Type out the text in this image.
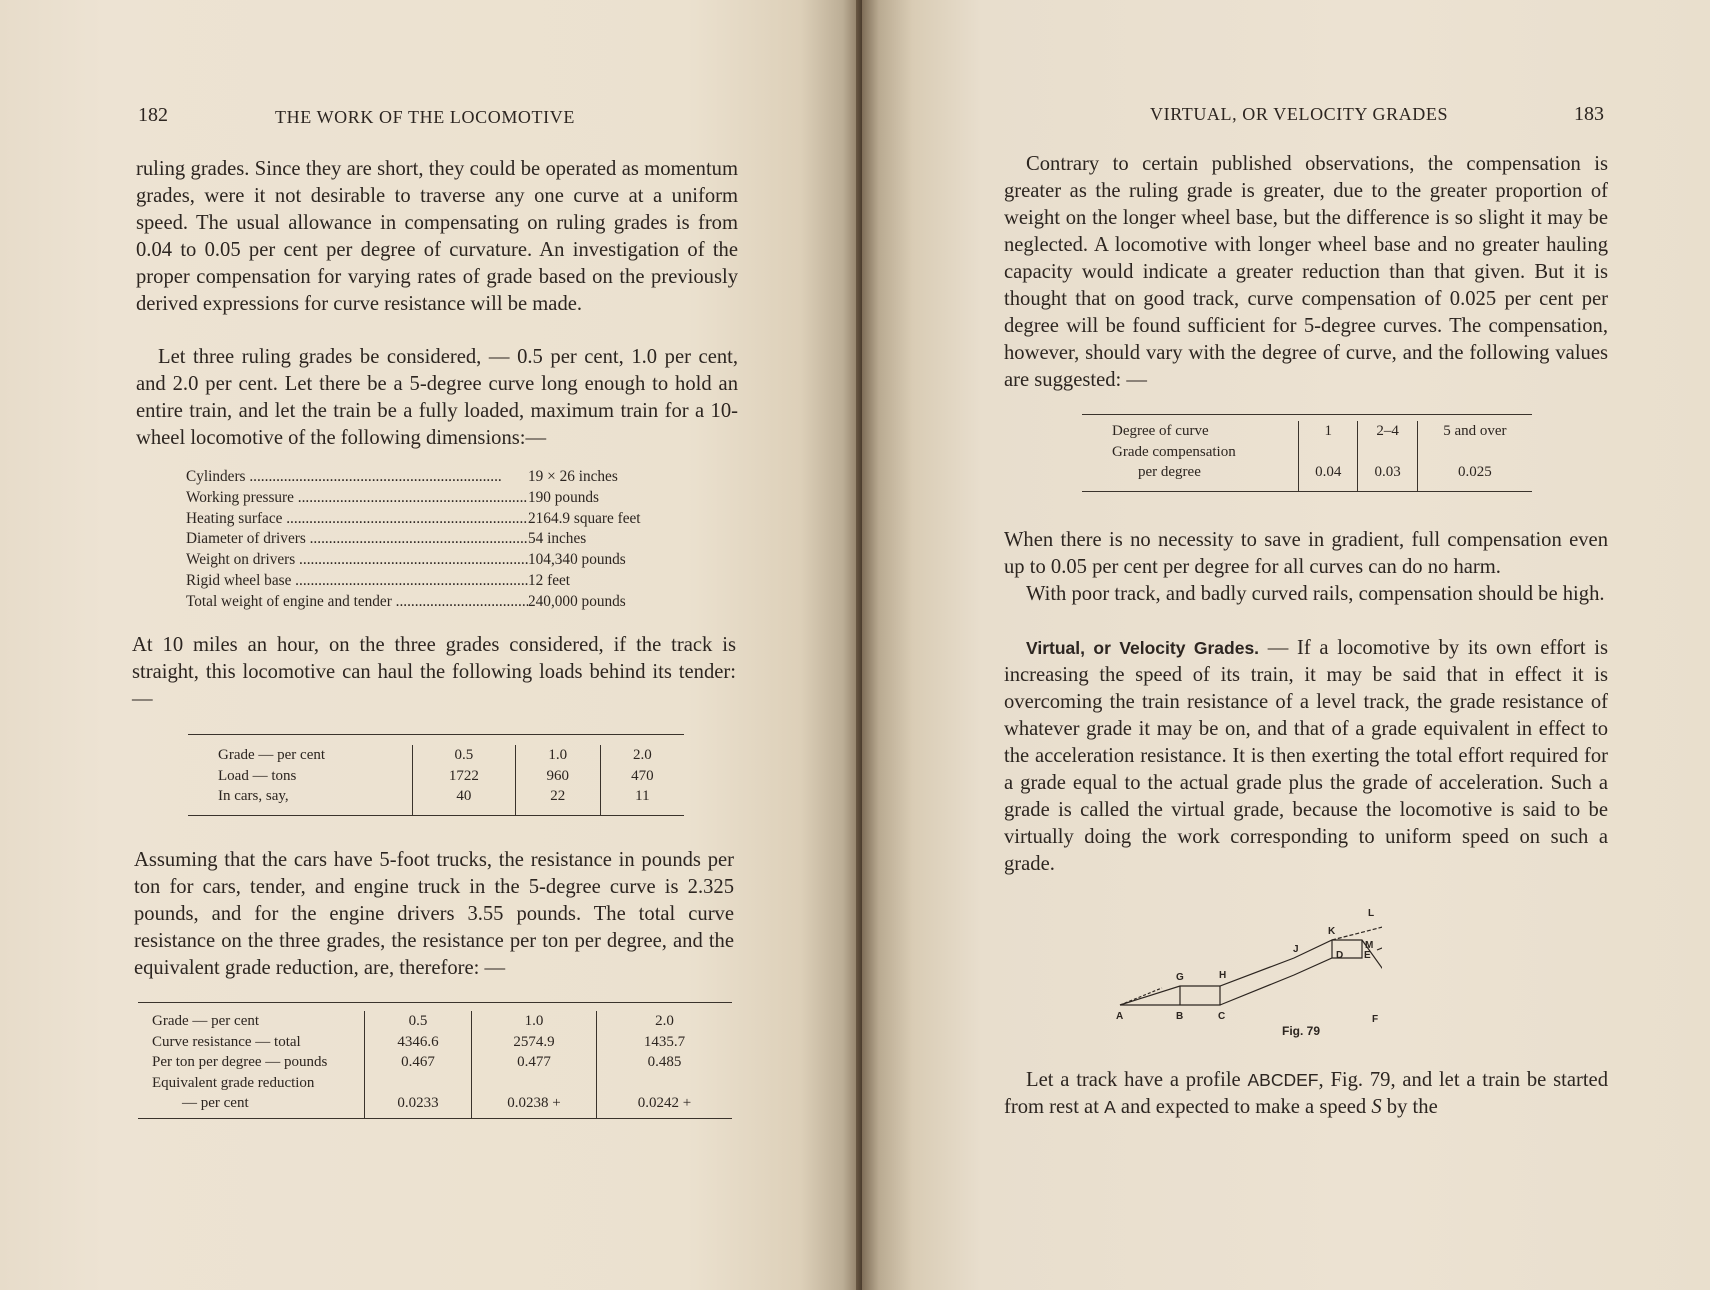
182	THE WORK OF THE LOCOMOTIVE

ruling grades. Since they are short, they could be operated as momentum grades, were it not desirable to traverse any one curve at a uniform speed. The usual allowance in compensating on ruling grades is from 0.04 to 0.05 per cent per degree of curvature. An investigation of the proper compensation for varying rates of grade based on the previously derived expressions for curve resistance will be made.

Let three ruling grades be considered, — 0.5 per cent, 1.0 per cent, and 2.0 per cent. Let there be a 5-degree curve long enough to hold an entire train, and let the train be a fully loaded, maximum train for a 10-wheel locomotive of the following dimensions:—

Cylinders .....	19 × 26 inches
Working pressure .....	190 pounds
Heating surface .....	2164.9 square feet
Diameter of drivers .....	54 inches
Weight on drivers .....	104,340 pounds
Rigid wheel base .....	12 feet
Total weight of engine and tender .....	240,000 pounds

At 10 miles an hour, on the three grades considered, if the track is straight, this locomotive can haul the following loads behind its tender: —

Grade — per cent	0.5	1.0	2.0
Load — tons	1722	960	470
In cars, say,	40	22	11

Assuming that the cars have 5-foot trucks, the resistance in pounds per ton for cars, tender, and engine truck in the 5-degree curve is 2.325 pounds, and for the engine drivers 3.55 pounds. The total curve resistance on the three grades, the resistance per ton per degree, and the equivalent grade reduction, are, therefore: —

Grade — per cent	0.5	1.0	2.0
Curve resistance — total	4346.6	2574.9	1435.7
Per ton per degree — pounds	0.467	0.477	0.485
Equivalent grade reduction			
— per cent	0.0233	0.0238 +	0.0242 +

VIRTUAL, OR VELOCITY GRADES	183

Contrary to certain published observations, the compensation is greater as the ruling grade is greater, due to the greater proportion of weight on the longer wheel base, but the difference is so slight it may be neglected. A locomotive with longer wheel base and no greater hauling capacity would indicate a greater reduction than that given. But it is thought that on good track, curve compensation of 0.025 per cent per degree will be found sufficient for 5-degree curves. The compensation, however, should vary with the degree of curve, and the following values are suggested: —

Degree of curve	1	2–4	5 and over
Grade compensation			
per degree	0.04	0.03	0.025

When there is no necessity to save in gradient, full compensation even up to 0.05 per cent per degree for all curves can do no harm.

With poor track, and badly curved rails, compensation should be high.

Virtual, or Velocity Grades. — If a locomotive by its own effort is increasing the speed of its train, it may be said that in effect it is overcoming the train resistance of a level track, the grade resistance of whatever grade it may be on, and that of a grade equivalent in effect to the acceleration resistance. It is then exerting the total effort required for a grade equal to the actual grade plus the grade of acceleration. Such a grade is called the virtual grade, because the locomotive is said to be virtually doing the work corresponding to uniform speed on such a grade.

A	B	C
D E
F
G	H
J
K
L
M
Fig. 79

Let a track have a profile ABCDEF, Fig. 79, and let a train be started from rest at A and expected to make a speed S by the
